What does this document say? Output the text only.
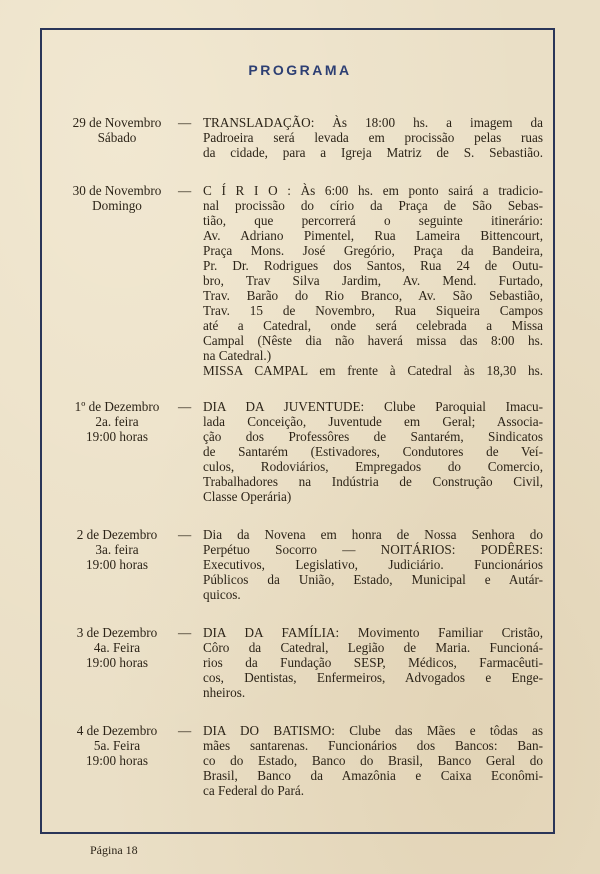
PROGRAMA
29 de Novembro
Sábado
— TRANSLADAÇÃO: Às 18:00 hs. a imagem da
Padroeira será levada em procissão pelas ruas
da cidade, para a Igreja Matriz de S. Sebastião.
30 de Novembro
Domingo
— C Í R I O : Às 6:00 hs. em ponto sairá a tradicio-
nal procissão do círio da Praça de São Sebas-
tião, que percorrerá o seguinte itinerário:
Av. Adriano Pimentel, Rua Lameira Bittencourt,
Praça Mons. José Gregório, Praça da Bandeira,
Pr. Dr. Rodrigues dos Santos, Rua 24 de Outu-
bro, Trav Silva Jardim, Av. Mend. Furtado,
Trav. Barão do Rio Branco, Av. São Sebastião,
Trav. 15 de Novembro, Rua Siqueira Campos
até a Catedral, onde será celebrada a Missa
Campal (Nêste dia não haverá missa das 8:00 hs.
na Catedral.)
MISSA CAMPAL em frente à Catedral às 18,30 hs.
1º de Dezembro
2a. feira
19:00 horas
— DIA DA JUVENTUDE: Clube Paroquial Imacu-
lada Conceição, Juventude em Geral; Associa-
ção dos Professôres de Santarém, Sindicatos
de Santarém (Estivadores, Condutores de Veí-
culos, Rodoviários, Empregados do Comercio,
Trabalhadores na Indústria de Construção Civil,
Classe Operária)
2 de Dezembro
3a. feira
19:00 horas
— Dia da Novena em honra de Nossa Senhora do
Perpétuo Socorro — NOITÁRIOS: PODÊRES:
Executivos, Legislativo, Judiciário. Funcionários
Públicos da União, Estado, Municipal e Autár-
quicos.
3 de Dezembro
4a. Feira
19:00 horas
— DIA DA FAMÍLIA: Movimento Familiar Cristão,
Côro da Catedral, Legião de Maria. Funcioná-
rios da Fundação SESP, Médicos, Farmacêuti-
cos, Dentistas, Enfermeiros, Advogados e Enge-
nheiros.
4 de Dezembro
5a. Feira
19:00 horas
— DIA DO BATISMO: Clube das Mães e tôdas as
mães santarenas. Funcionários dos Bancos: Ban-
co do Estado, Banco do Brasil, Banco Geral do
Brasil, Banco da Amazônia e Caixa Econômi-
ca Federal do Pará.
Página 18
